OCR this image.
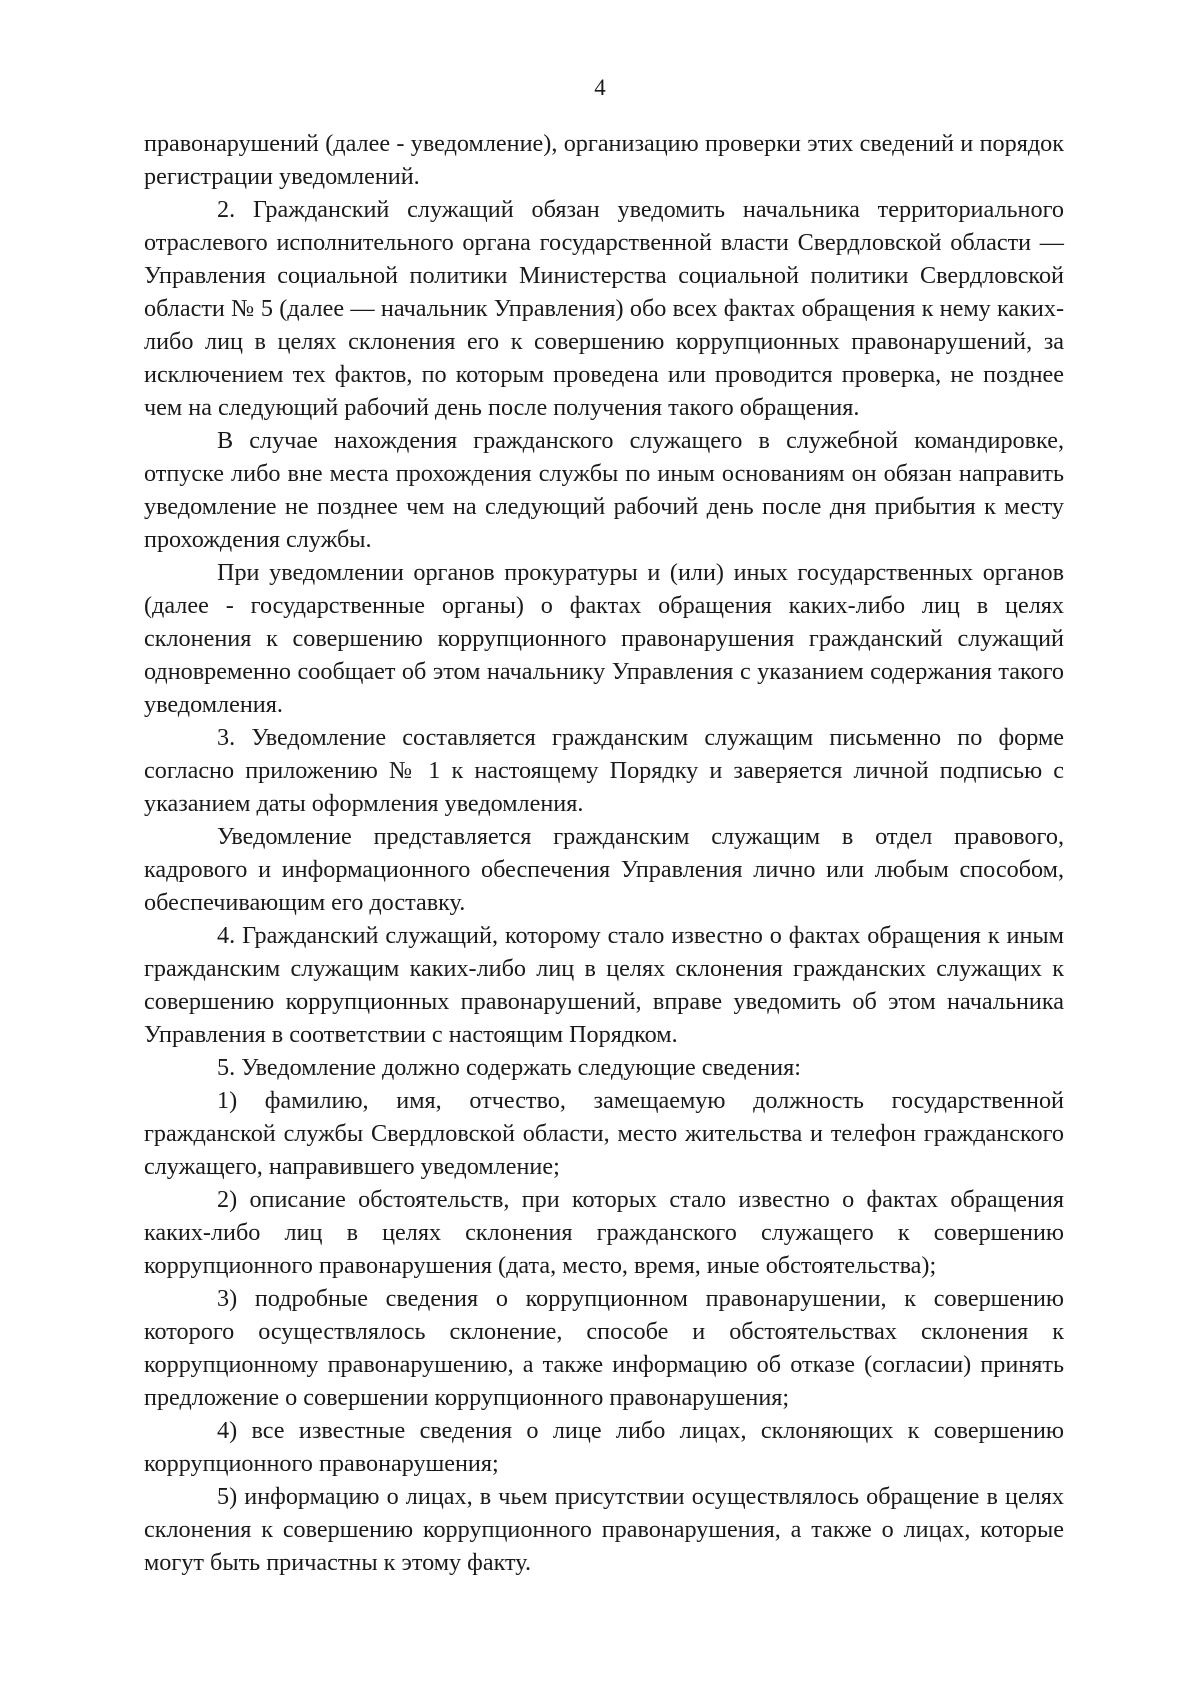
4

правонарушений (далее - уведомление), организацию проверки этих сведений и порядок регистрации уведомлений.

2. Гражданский служащий обязан уведомить начальника территориального отраслевого исполнительного органа государственной власти Свердловской области — Управления социальной политики Министерства социальной политики Свердловской области № 5 (далее — начальник Управления) обо всех фактах обращения к нему каких-либо лиц в целях склонения его к совершению коррупционных правонарушений, за исключением тех фактов, по которым проведена или проводится проверка, не позднее чем на следующий рабочий день после получения такого обращения.

В случае нахождения гражданского служащего в служебной командировке, отпуске либо вне места прохождения службы по иным основаниям он обязан направить уведомление не позднее чем на следующий рабочий день после дня прибытия к месту прохождения службы.

При уведомлении органов прокуратуры и (или) иных государственных органов (далее - государственные органы) о фактах обращения каких-либо лиц в целях склонения к совершению коррупционного правонарушения гражданский служащий одновременно сообщает об этом начальнику Управления с указанием содержания такого уведомления.

3. Уведомление составляется гражданским служащим письменно по форме согласно приложению № 1 к настоящему Порядку и заверяется личной подписью с указанием даты оформления уведомления.

Уведомление представляется гражданским служащим в отдел правового, кадрового и информационного обеспечения Управления лично или любым способом, обеспечивающим его доставку.

4. Гражданский служащий, которому стало известно о фактах обращения к иным гражданским служащим каких-либо лиц в целях склонения гражданских служащих к совершению коррупционных правонарушений, вправе уведомить об этом начальника Управления в соответствии с настоящим Порядком.

5. Уведомление должно содержать следующие сведения:

1) фамилию, имя, отчество, замещаемую должность государственной гражданской службы Свердловской области, место жительства и телефон гражданского служащего, направившего уведомление;

2) описание обстоятельств, при которых стало известно о фактах обращения каких-либо лиц в целях склонения гражданского служащего к совершению коррупционного правонарушения (дата, место, время, иные обстоятельства);

3) подробные сведения о коррупционном правонарушении, к совершению которого осуществлялось склонение, способе и обстоятельствах склонения к коррупционному правонарушению, а также информацию об отказе (согласии) принять предложение о совершении коррупционного правонарушения;

4) все известные сведения о лице либо лицах, склоняющих к совершению коррупционного правонарушения;

5) информацию о лицах, в чьем присутствии осуществлялось обращение в целях склонения к совершению коррупционного правонарушения, а также о лицах, которые могут быть причастны к этому факту.
